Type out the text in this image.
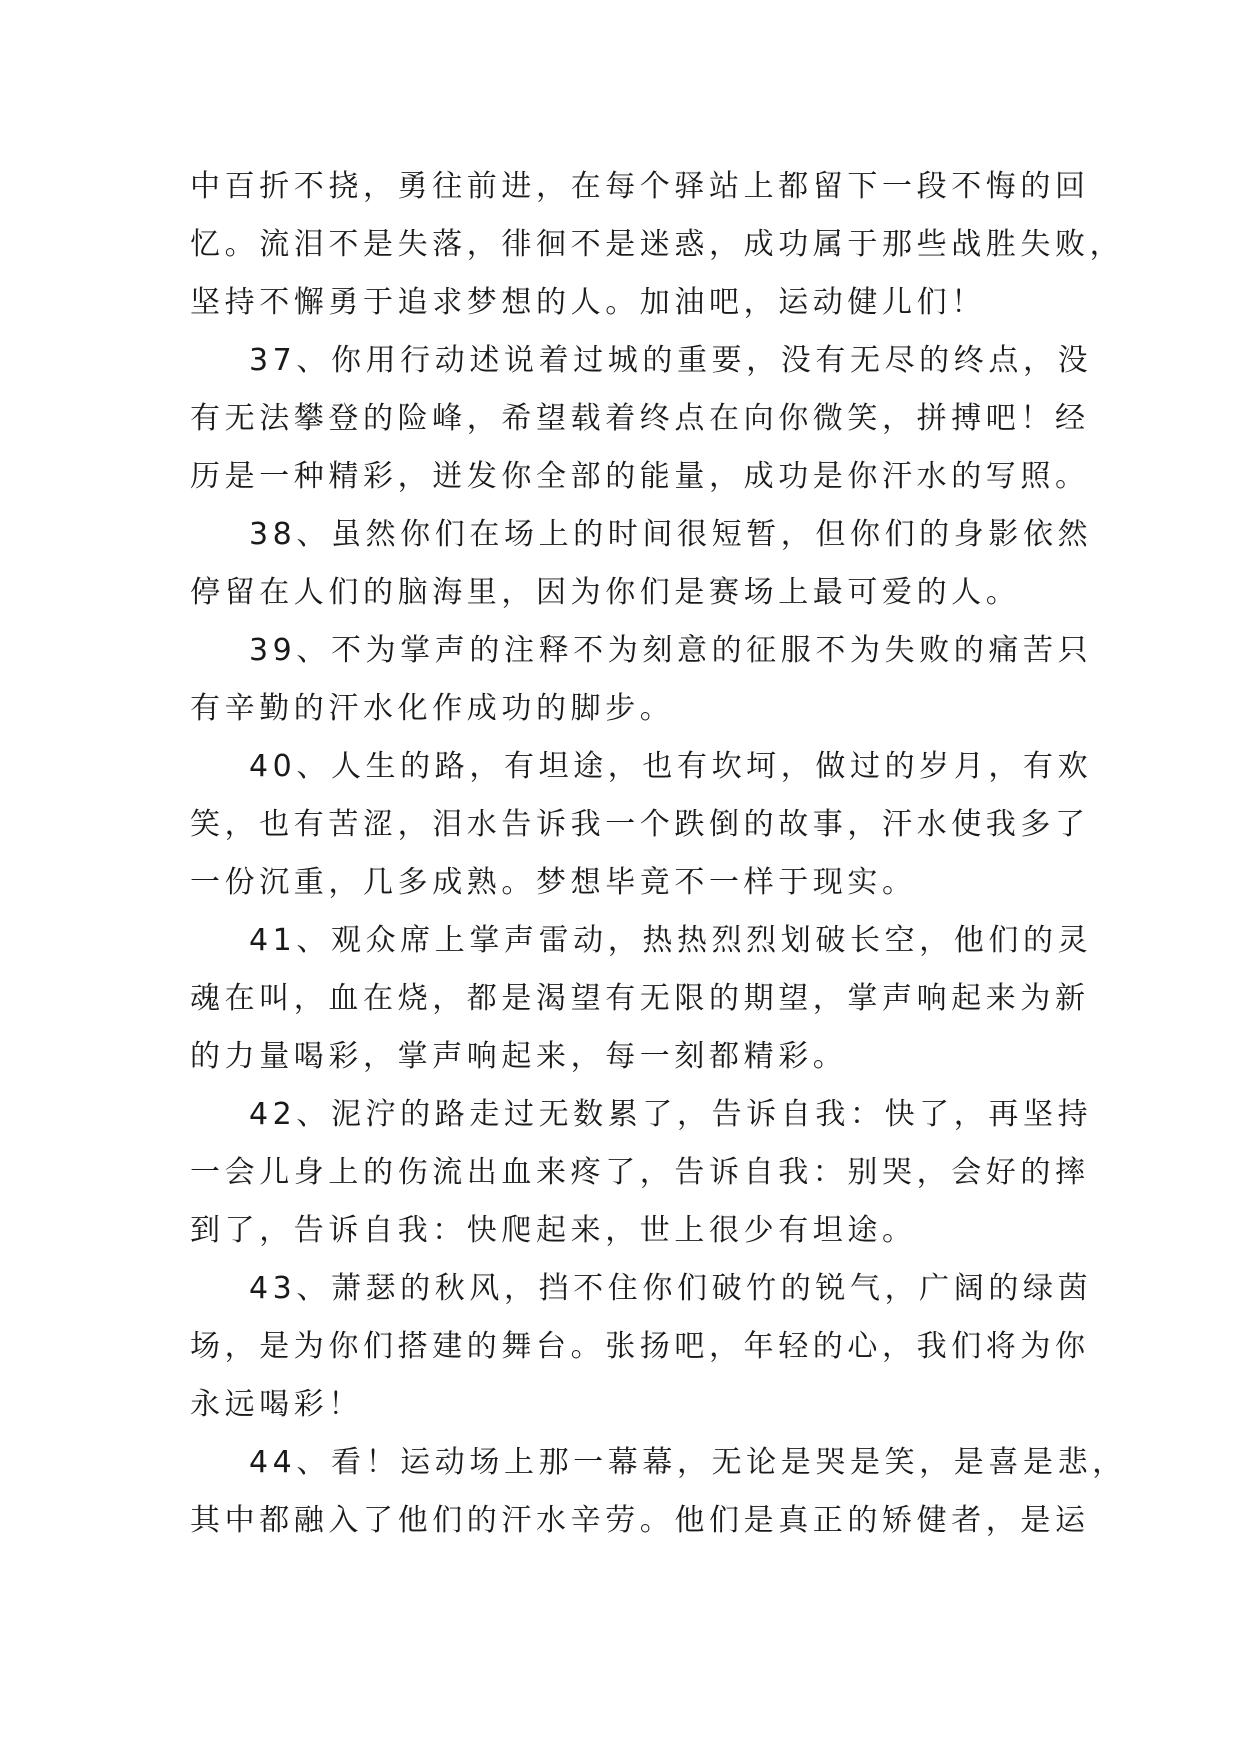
中百折不挠，勇往前进，在每个驿站上都留下一段不悔的回
忆。流泪不是失落，徘徊不是迷惑，成功属于那些战胜失败，
坚持不懈勇于追求梦想的人。加油吧，运动健儿们！
37、你用行动述说着过城的重要，没有无尽的终点，没
有无法攀登的险峰，希望载着终点在向你微笑，拼搏吧！经
历是一种精彩，迸发你全部的能量，成功是你汗水的写照。
38、虽然你们在场上的时间很短暂，但你们的身影依然
停留在人们的脑海里，因为你们是赛场上最可爱的人。
39、不为掌声的注释不为刻意的征服不为失败的痛苦只
有辛勤的汗水化作成功的脚步。
40、人生的路，有坦途，也有坎坷，做过的岁月，有欢
笑，也有苦涩，泪水告诉我一个跌倒的故事，汗水使我多了
一份沉重，几多成熟。梦想毕竟不一样于现实。
41、观众席上掌声雷动，热热烈烈划破长空，他们的灵
魂在叫，血在烧，都是渴望有无限的期望，掌声响起来为新
的力量喝彩，掌声响起来，每一刻都精彩。
42、泥泞的路走过无数累了，告诉自我：快了，再坚持
一会儿身上的伤流出血来疼了，告诉自我：别哭，会好的摔
到了，告诉自我：快爬起来，世上很少有坦途。
43、萧瑟的秋风，挡不住你们破竹的锐气，广阔的绿茵
场，是为你们搭建的舞台。张扬吧，年轻的心，我们将为你
永远喝彩！
44、看！运动场上那一幕幕，无论是哭是笑，是喜是悲，
其中都融入了他们的汗水辛劳。他们是真正的矫健者，是运
